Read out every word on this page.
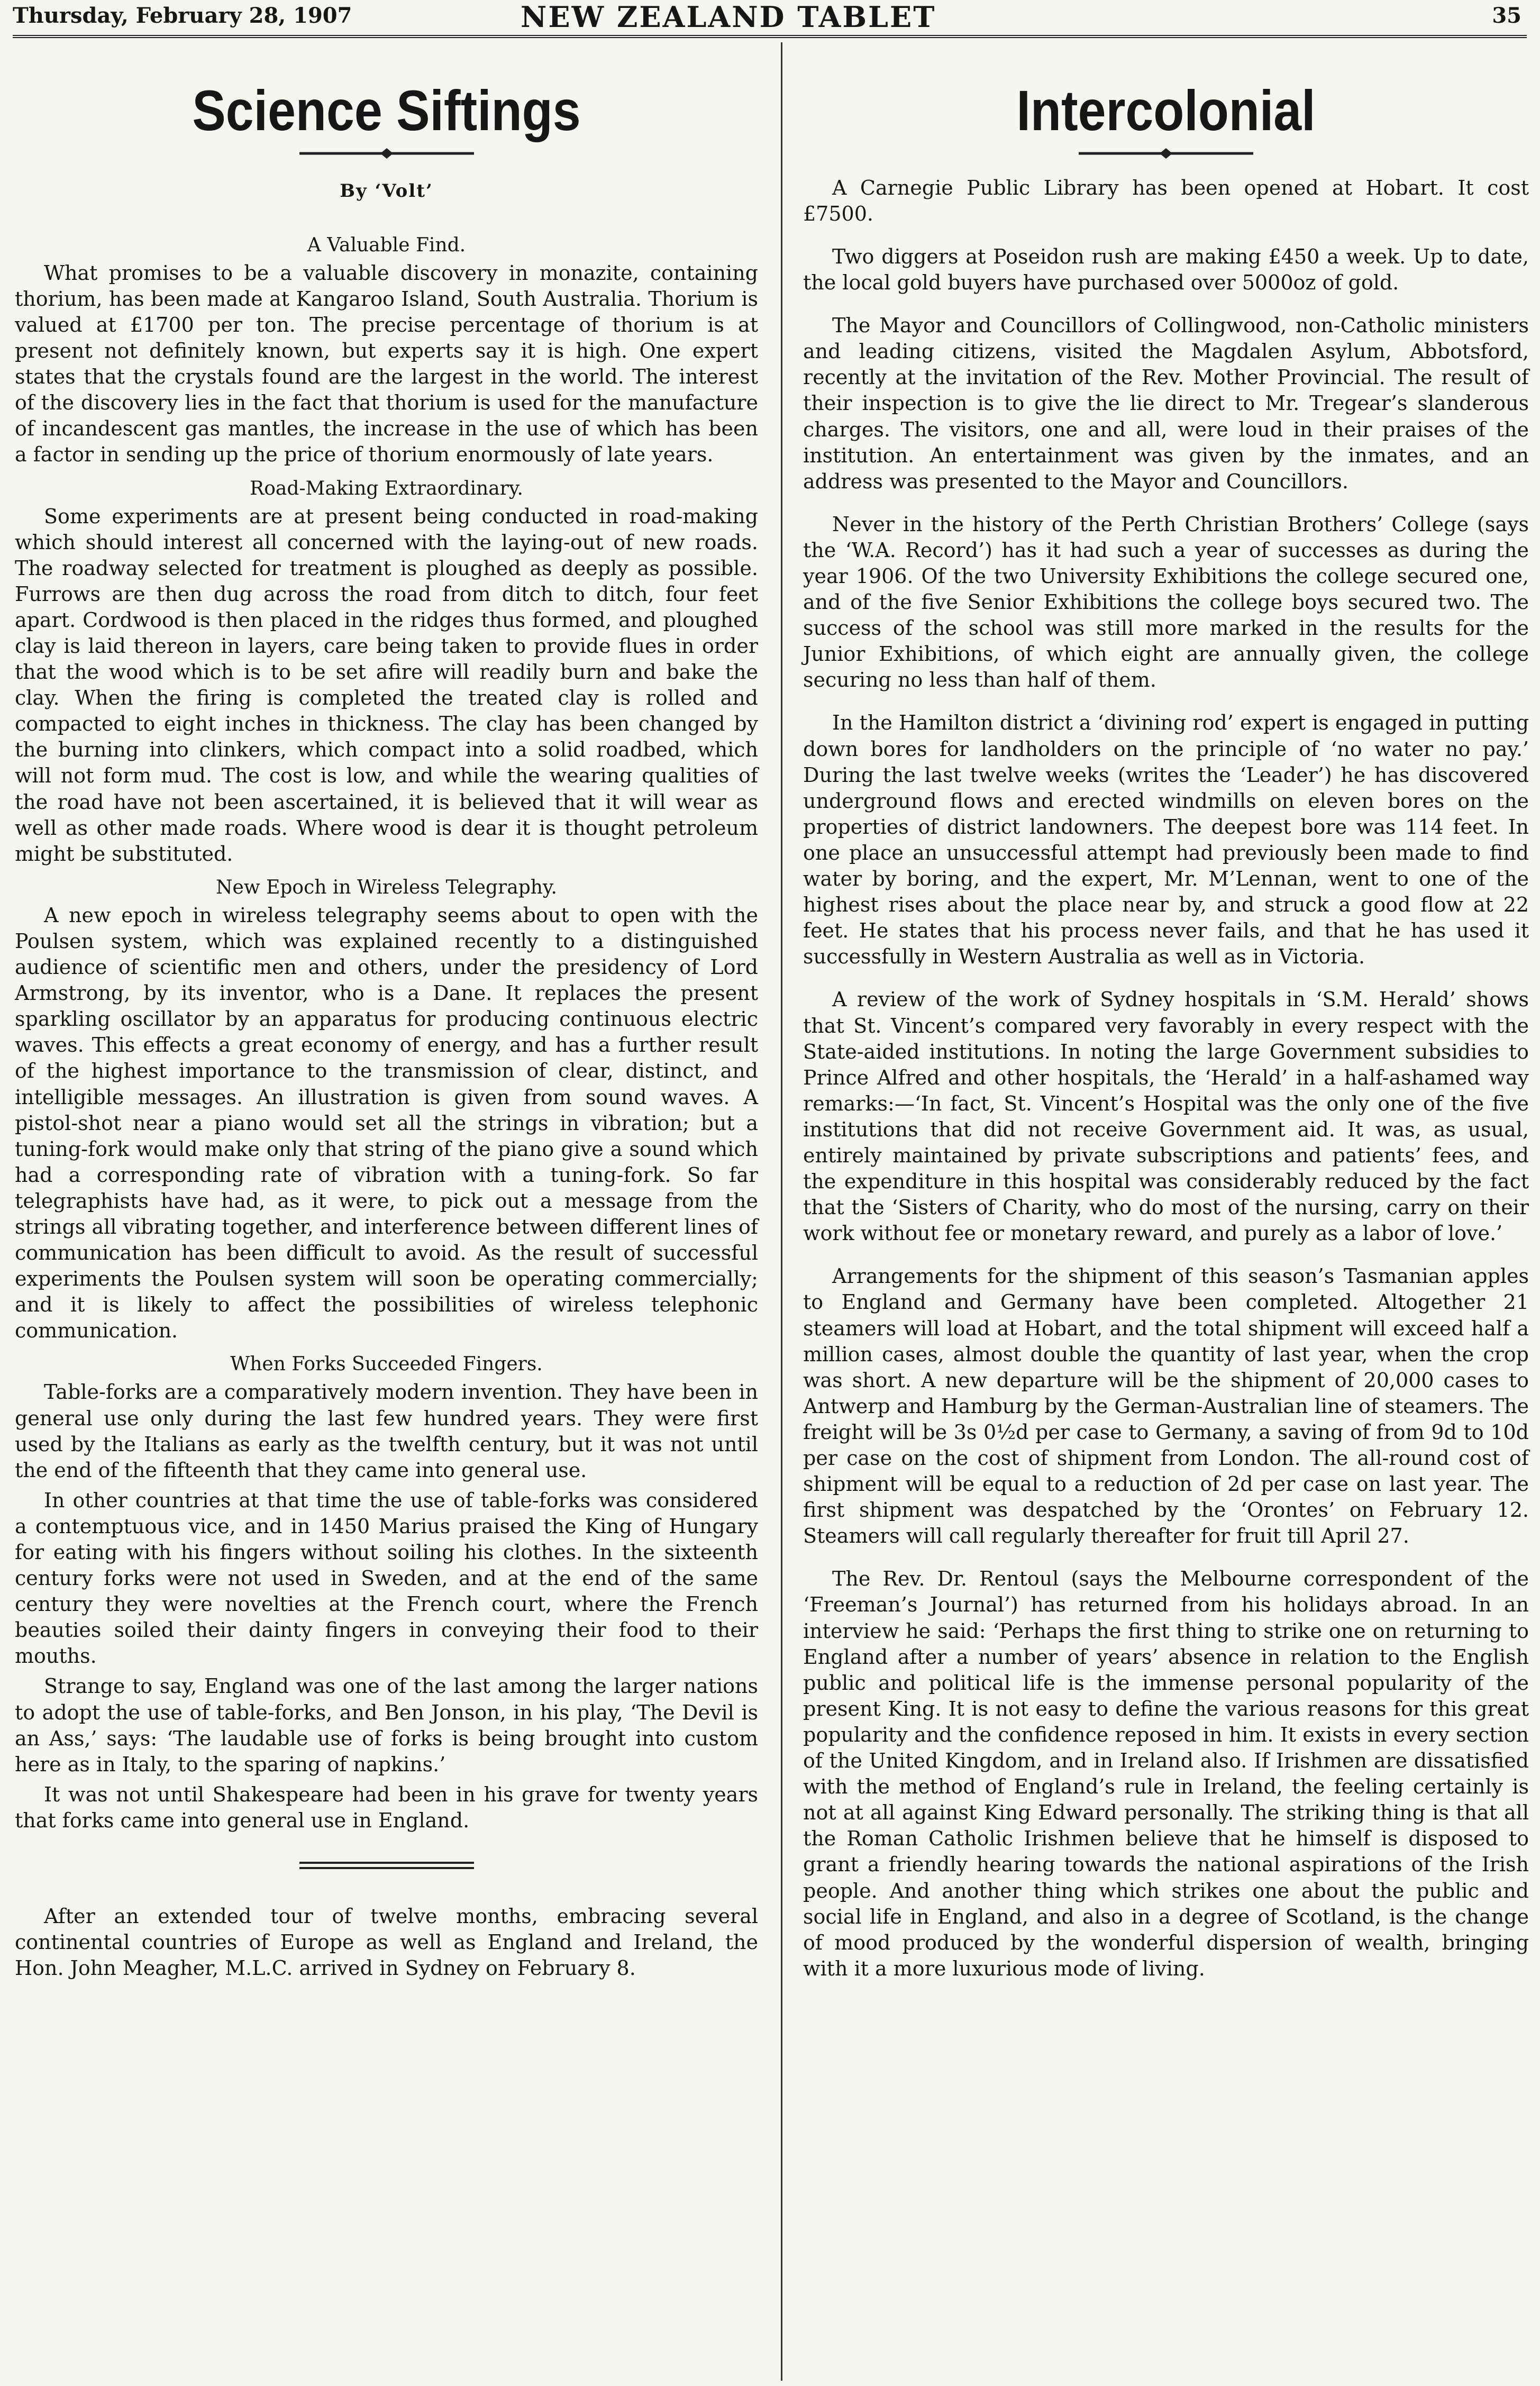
Thursday, February 28, 1907	NEW ZEALAND TABLET	35
Science Siftings
By ‘Volt’
A Valuable Find.

What promises to be a valuable discovery in monazite, containing thorium, has been made at Kangaroo Island, South Australia. Thorium is valued at £1700 per ton. The precise percentage of thorium is at present not definitely known, but experts say it is high. One expert states that the crystals found are the largest in the world. The interest of the discovery lies in the fact that thorium is used for the manufacture of incandescent gas mantles, the increase in the use of which has been a factor in sending up the price of thorium enormously of late years.

Road-Making Extraordinary.

Some experiments are at present being conducted in road-making which should interest all concerned with the laying-out of new roads. The roadway selected for treatment is ploughed as deeply as possible. Furrows are then dug across the road from ditch to ditch, four feet apart. Cordwood is then placed in the ridges thus formed, and ploughed clay is laid thereon in layers, care being taken to provide flues in order that the wood which is to be set afire will readily burn and bake the clay. When the firing is completed the treated clay is rolled and compacted to eight inches in thickness. The clay has been changed by the burning into clinkers, which compact into a solid roadbed, which will not form mud. The cost is low, and while the wearing qualities of the road have not been ascertained, it is believed that it will wear as well as other made roads. Where wood is dear it is thought petroleum might be substituted.

New Epoch in Wireless Telegraphy.

A new epoch in wireless telegraphy seems about to open with the Poulsen system, which was explained recently to a distinguished audience of scientific men and others, under the presidency of Lord Armstrong, by its inventor, who is a Dane. It replaces the present sparkling oscillator by an apparatus for producing continuous electric waves. This effects a great economy of energy, and has a further result of the highest importance to the transmission of clear, distinct, and intelligible messages. An illustration is given from sound waves. A pistol-shot near a piano would set all the strings in vibration; but a tuning-fork would make only that string of the piano give a sound which had a corresponding rate of vibration with a tuning-fork. So far telegraphists have had, as it were, to pick out a message from the strings all vibrating together, and interference between different lines of communication has been difficult to avoid. As the result of successful experiments the Poulsen system will soon be operating commercially; and it is likely to affect the possibilities of wireless telephonic communication.

When Forks Succeeded Fingers.

Table-forks are a comparatively modern invention. They have been in general use only during the last few hundred years. They were first used by the Italians as early as the twelfth century, but it was not until the end of the fifteenth that they came into general use.

In other countries at that time the use of table-forks was considered a contemptuous vice, and in 1450 Marius praised the King of Hungary for eating with his fingers without soiling his clothes. In the sixteenth century forks were not used in Sweden, and at the end of the same century they were novelties at the French court, where the French beauties soiled their dainty fingers in conveying their food to their mouths.

Strange to say, England was one of the last among the larger nations to adopt the use of table-forks, and Ben Jonson, in his play, ‘The Devil is an Ass,’ says: ‘The laudable use of forks is being brought into custom here as in Italy, to the sparing of napkins.’

It was not until Shakespeare had been in his grave for twenty years that forks came into general use in England.

After an extended tour of twelve months, embracing several continental countries of Europe as well as England and Ireland, the Hon. John Meagher, M.L.C. arrived in Sydney on February 8.

Intercolonial

A Carnegie Public Library has been opened at Hobart. It cost £7500.

Two diggers at Poseidon rush are making £450 a week. Up to date, the local gold buyers have purchased over 5000oz of gold.

The Mayor and Councillors of Collingwood, non-Catholic ministers and leading citizens, visited the Magdalen Asylum, Abbotsford, recently at the invitation of the Rev. Mother Provincial. The result of their inspection is to give the lie direct to Mr. Tregear’s slanderous charges. The visitors, one and all, were loud in their praises of the institution. An entertainment was given by the inmates, and an address was presented to the Mayor and Councillors.

Never in the history of the Perth Christian Brothers’ College (says the ‘W.A. Record’) has it had such a year of successes as during the year 1906. Of the two University Exhibitions the college secured one, and of the five Senior Exhibitions the college boys secured two. The success of the school was still more marked in the results for the Junior Exhibitions, of which eight are annually given, the college securing no less than half of them.

In the Hamilton district a ‘divining rod’ expert is engaged in putting down bores for landholders on the principle of ‘no water no pay.’ During the last twelve weeks (writes the ‘Leader’) he has discovered underground flows and erected windmills on eleven bores on the properties of district landowners. The deepest bore was 114 feet. In one place an unsuccessful attempt had previously been made to find water by boring, and the expert, Mr. M’Lennan, went to one of the highest rises about the place near by, and struck a good flow at 22 feet. He states that his process never fails, and that he has used it successfully in Western Australia as well as in Victoria.

A review of the work of Sydney hospitals in ‘S.M. Herald’ shows that St. Vincent’s compared very favorably in every respect with the State-aided institutions. In noting the large Government subsidies to Prince Alfred and other hospitals, the ‘Herald’ in a half-ashamed way remarks:—‘In fact, St. Vincent’s Hospital was the only one of the five institutions that did not receive Government aid. It was, as usual, entirely maintained by private subscriptions and patients’ fees, and the expenditure in this hospital was considerably reduced by the fact that the ‘Sisters of Charity, who do most of the nursing, carry on their work without fee or monetary reward, and purely as a labor of love.’

Arrangements for the shipment of this season’s Tasmanian apples to England and Germany have been completed. Altogether 21 steamers will load at Hobart, and the total shipment will exceed half a million cases, almost double the quantity of last year, when the crop was short. A new departure will be the shipment of 20,000 cases to Antwerp and Hamburg by the German-Australian line of steamers. The freight will be 3s 0½d per case to Germany, a saving of from 9d to 10d per case on the cost of shipment from London. The all-round cost of shipment will be equal to a reduction of 2d per case on last year. The first shipment was despatched by the ‘Orontes’ on February 12. Steamers will call regularly thereafter for fruit till April 27.

The Rev. Dr. Rentoul (says the Melbourne correspondent of the ‘Freeman’s Journal’) has returned from his holidays abroad. In an interview he said: ‘Perhaps the first thing to strike one on returning to England after a number of years’ absence in relation to the English public and political life is the immense personal popularity of the present King. It is not easy to define the various reasons for this great popularity and the confidence reposed in him. It exists in every section of the United Kingdom, and in Ireland also. If Irishmen are dissatisfied with the method of England’s rule in Ireland, the feeling certainly is not at all against King Edward personally. The striking thing is that all the Roman Catholic Irishmen believe that he himself is disposed to grant a friendly hearing towards the national aspirations of the Irish people. And another thing which strikes one about the public and social life in England, and also in a degree of Scotland, is the change of mood produced by the wonderful dispersion of wealth, bringing with it a more luxurious mode of living.
